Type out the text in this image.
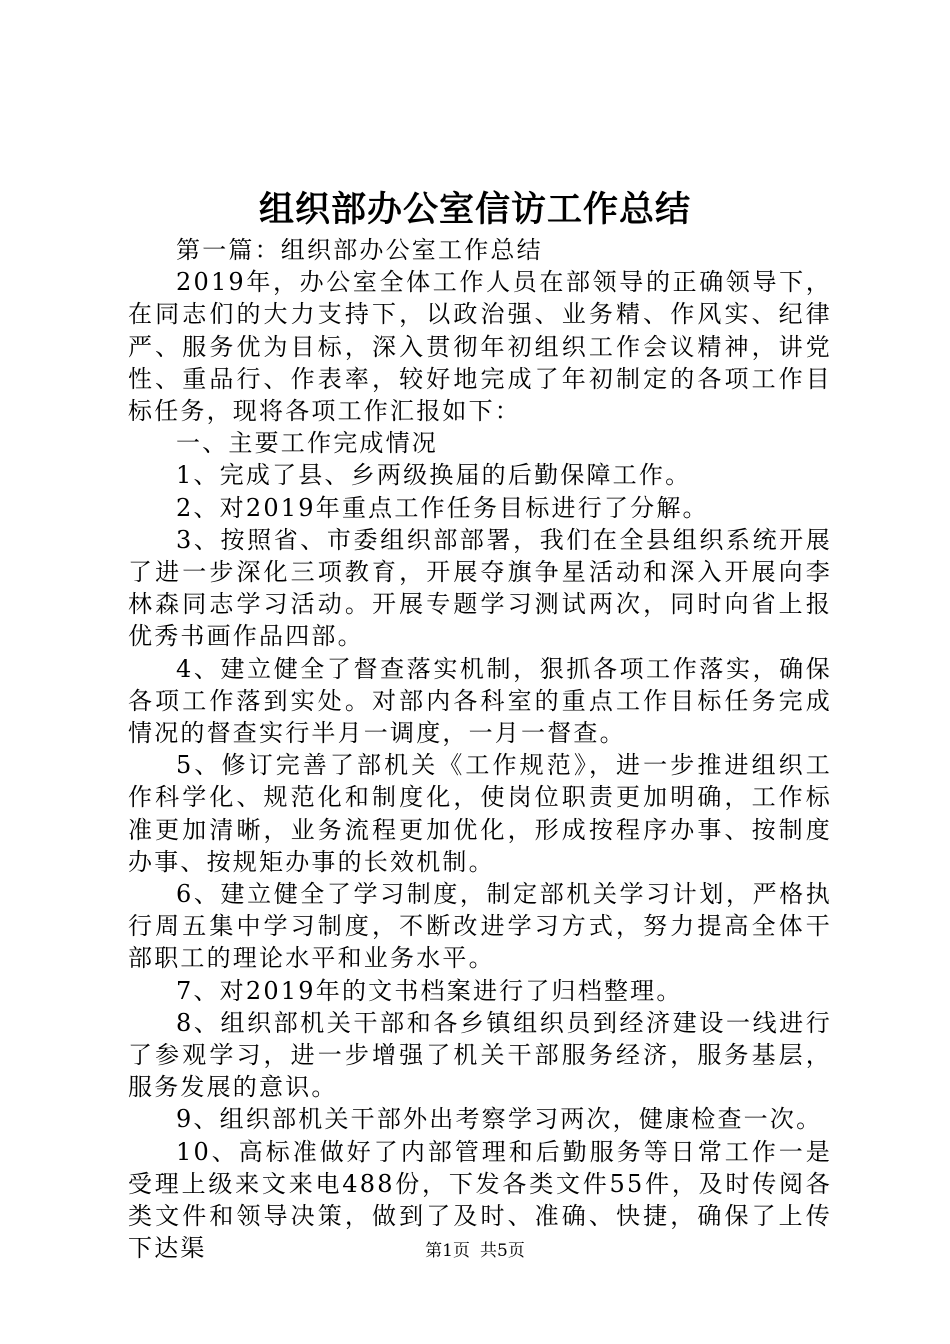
组织部办公室信访工作总结

第一篇：组织部办公室工作总结

2019年，办公室全体工作人员在部领导的正确领导下，在同志们的大力支持下，以政治强、业务精、作风实、纪律严、服务优为目标，深入贯彻年初组织工作会议精神，讲党性、重品行、作表率，较好地完成了年初制定的各项工作目标任务，现将各项工作汇报如下：

一、主要工作完成情况

1、完成了县、乡两级换届的后勤保障工作。

2、对2019年重点工作任务目标进行了分解。

3、按照省、市委组织部部署，我们在全县组织系统开展了进一步深化三项教育，开展夺旗争星活动和深入开展向李林森同志学习活动。开展专题学习测试两次，同时向省上报优秀书画作品四部。

4、建立健全了督查落实机制，狠抓各项工作落实，确保各项工作落到实处。对部内各科室的重点工作目标任务完成情况的督查实行半月一调度，一月一督查。

5、修订完善了部机关《工作规范》，进一步推进组织工作科学化、规范化和制度化，使岗位职责更加明确，工作标准更加清晰，业务流程更加优化，形成按程序办事、按制度办事、按规矩办事的长效机制。

6、建立健全了学习制度，制定部机关学习计划，严格执行周五集中学习制度，不断改进学习方式，努力提高全体干部职工的理论水平和业务水平。

7、对2019年的文书档案进行了归档整理。

8、组织部机关干部和各乡镇组织员到经济建设一线进行了参观学习，进一步增强了机关干部服务经济，服务基层，服务发展的意识。

9、组织部机关干部外出考察学习两次，健康检查一次。

10、高标准做好了内部管理和后勤服务等日常工作一是受理上级来文来电488份，下发各类文件55件，及时传阅各类文件和领导决策，做到了及时、准确、快捷，确保了上传下达渠	第1页 共5页
